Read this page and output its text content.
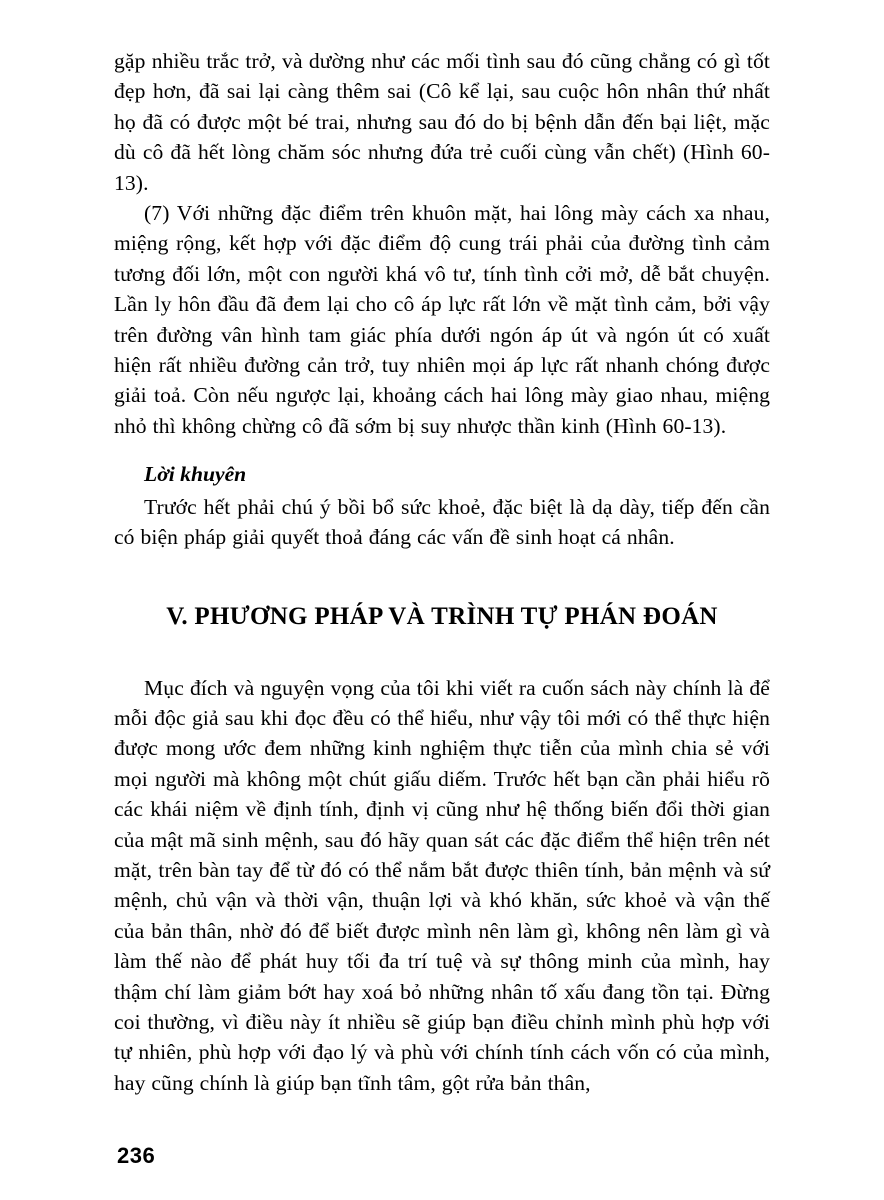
gặp nhiều trắc trở, và dường như các mối tình sau đó cũng chẳng có gì tốt đẹp hơn, đã sai lại càng thêm sai (Cô kể lại, sau cuộc hôn nhân thứ nhất họ đã có được một bé trai, nhưng sau đó do bị bệnh dẫn đến bại liệt, mặc dù cô đã hết lòng chăm sóc nhưng đứa trẻ cuối cùng vẫn chết) (Hình 60-13).

(7) Với những đặc điểm trên khuôn mặt, hai lông mày cách xa nhau, miệng rộng, kết hợp với đặc điểm độ cung trái phải của đường tình cảm tương đối lớn, một con người khá vô tư, tính tình cởi mở, dễ bắt chuyện. Lần ly hôn đầu đã đem lại cho cô áp lực rất lớn về mặt tình cảm, bởi vậy trên đường vân hình tam giác phía dưới ngón áp út và ngón út có xuất hiện rất nhiều đường cản trở, tuy nhiên mọi áp lực rất nhanh chóng được giải toả. Còn nếu ngược lại, khoảng cách hai lông mày giao nhau, miệng nhỏ thì không chừng cô đã sớm bị suy nhược thần kinh (Hình 60-13).

Lời khuyên

Trước hết phải chú ý bồi bổ sức khoẻ, đặc biệt là dạ dày, tiếp đến cần có biện pháp giải quyết thoả đáng các vấn đề sinh hoạt cá nhân.

V. PHƯƠNG PHÁP VÀ TRÌNH TỰ PHÁN ĐOÁN

Mục đích và nguyện vọng của tôi khi viết ra cuốn sách này chính là để mỗi độc giả sau khi đọc đều có thể hiểu, như vậy tôi mới có thể thực hiện được mong ước đem những kinh nghiệm thực tiễn của mình chia sẻ với mọi người mà không một chút giấu diếm. Trước hết bạn cần phải hiểu rõ các khái niệm về định tính, định vị cũng như hệ thống biến đổi thời gian của mật mã sinh mệnh, sau đó hãy quan sát các đặc điểm thể hiện trên nét mặt, trên bàn tay để từ đó có thể nắm bắt được thiên tính, bản mệnh và sứ mệnh, chủ vận và thời vận, thuận lợi và khó khăn, sức khoẻ và vận thế của bản thân, nhờ đó để biết được mình nên làm gì, không nên làm gì và làm thế nào để phát huy tối đa trí tuệ và sự thông minh của mình, hay thậm chí làm giảm bớt hay xoá bỏ những nhân tố xấu đang tồn tại. Đừng coi thường, vì điều này ít nhiều sẽ giúp bạn điều chỉnh mình phù hợp với tự nhiên, phù hợp với đạo lý và phù với chính tính cách vốn có của mình, hay cũng chính là giúp bạn tĩnh tâm, gột rửa bản thân,

236
